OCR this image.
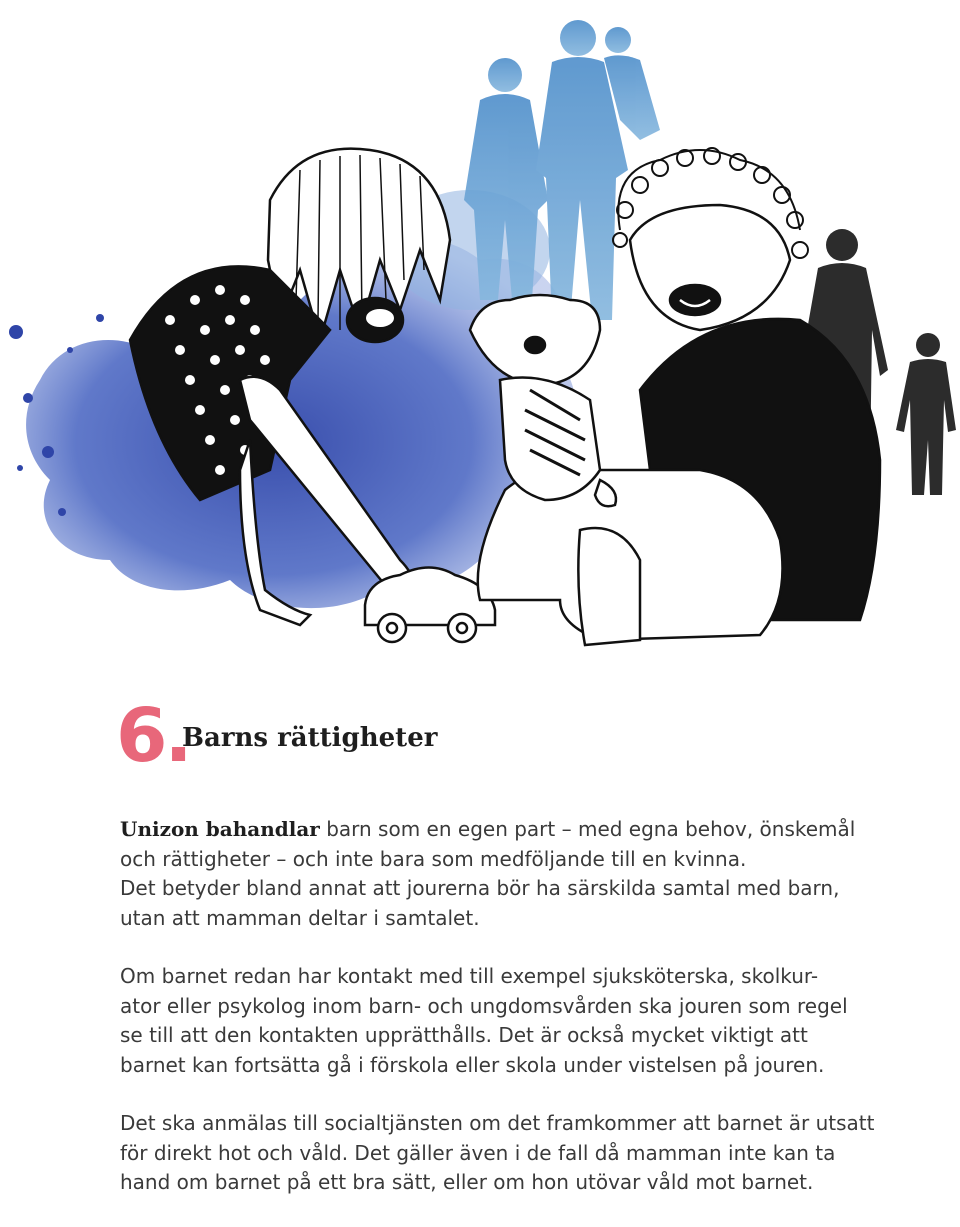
6.
Barns rättigheter

Unizon bahandlar barn som en egen part – med egna behov, önskemål
och rättigheter – och inte bara som medföljande till en kvinna.
Det betyder bland annat att jourerna bör ha särskilda samtal med barn,
utan att mamman deltar i samtalet.

Om barnet redan har kontakt med till exempel sjuksköterska, skolkur-
ator eller psykolog inom barn- och ungdomsvården ska jouren som regel
se till att den kontakten upprätthålls. Det är också mycket viktigt att
barnet kan fortsätta gå i förskola eller skola under vistelsen på jouren.

Det ska anmälas till socialtjänsten om det framkommer att barnet är utsatt
för direkt hot och våld. Det gäller även i de fall då mamman inte kan ta
hand om barnet på ett bra sätt, eller om hon utövar våld mot barnet.
